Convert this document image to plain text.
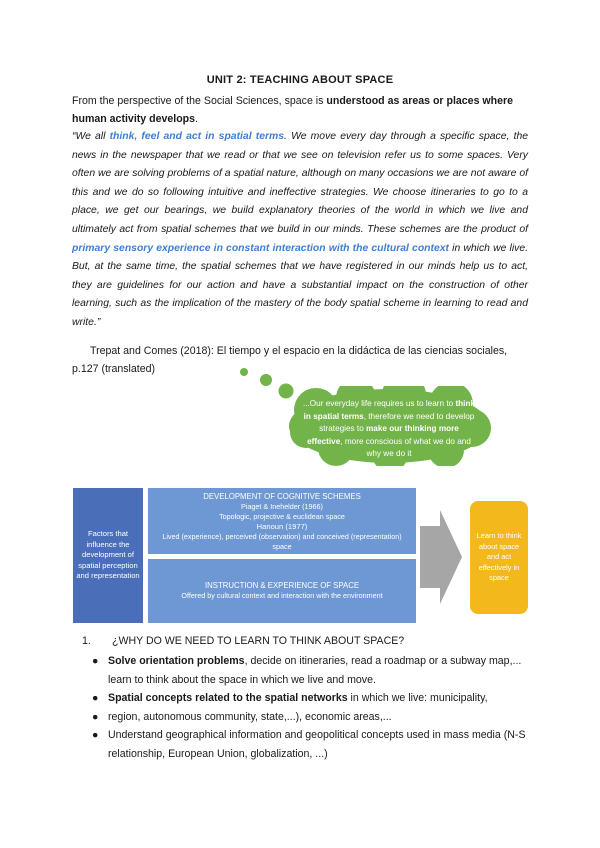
UNIT 2: TEACHING ABOUT SPACE
From the perspective of the Social Sciences, space is understood as areas or places where human activity develops.
“We all think, feel and act in spatial terms. We move every day through a specific space, the news in the newspaper that we read or that we see on television refer us to some spaces. Very often we are solving problems of a spatial nature, although on many occasions we are not aware of this and we do so following intuitive and ineffective strategies. We choose itineraries to go to a place, we get our bearings, we build explanatory theories of the world in which we live and ultimately act from spatial schemes that we build in our minds. These schemes are the product of primary sensory experience in constant interaction with the cultural context in which we live. But, at the same time, the spatial schemes that we have registered in our minds help us to act, they are guidelines for our action and have a substantial impact on the construction of other learning, such as the implication of the mastery of the body spatial scheme in learning to read and write.”
Trepat and Comes (2018): El tiempo y el espacio en la didáctica de las ciencias sociales, p.127 (translated)
...Our everyday life requires us to learn to think in spatial terms, therefore we need to develop strategies to make our thinking more effective, more conscious of what we do and why we do it
Factors that influence the development of spatial perception and representation
DEVELOPMENT OF COGNITIVE SCHEMES
Piaget & Inehelder (1966)
Topologic, projective & euclidean space
Hanoun (1977)
Lived (experience), perceived (observation) and conceived (representation) space
INSTRUCTION & EXPERIENCE OF SPACE
Offered by cultural context and interaction with the environment
Learn to think about space and act effectively in space
1. ¿WHY DO WE NEED TO LEARN TO THINK ABOUT SPACE?
● Solve orientation problems, decide on itineraries, read a roadmap or a subway map,... learn to think about the space in which we live and move.
● Spatial concepts related to the spatial networks in which we live: municipality,
● region, autonomous community, state,...), economic areas,...
● Understand geographical information and geopolitical concepts used in mass media (N-S relationship, European Union, globalization, ...)
